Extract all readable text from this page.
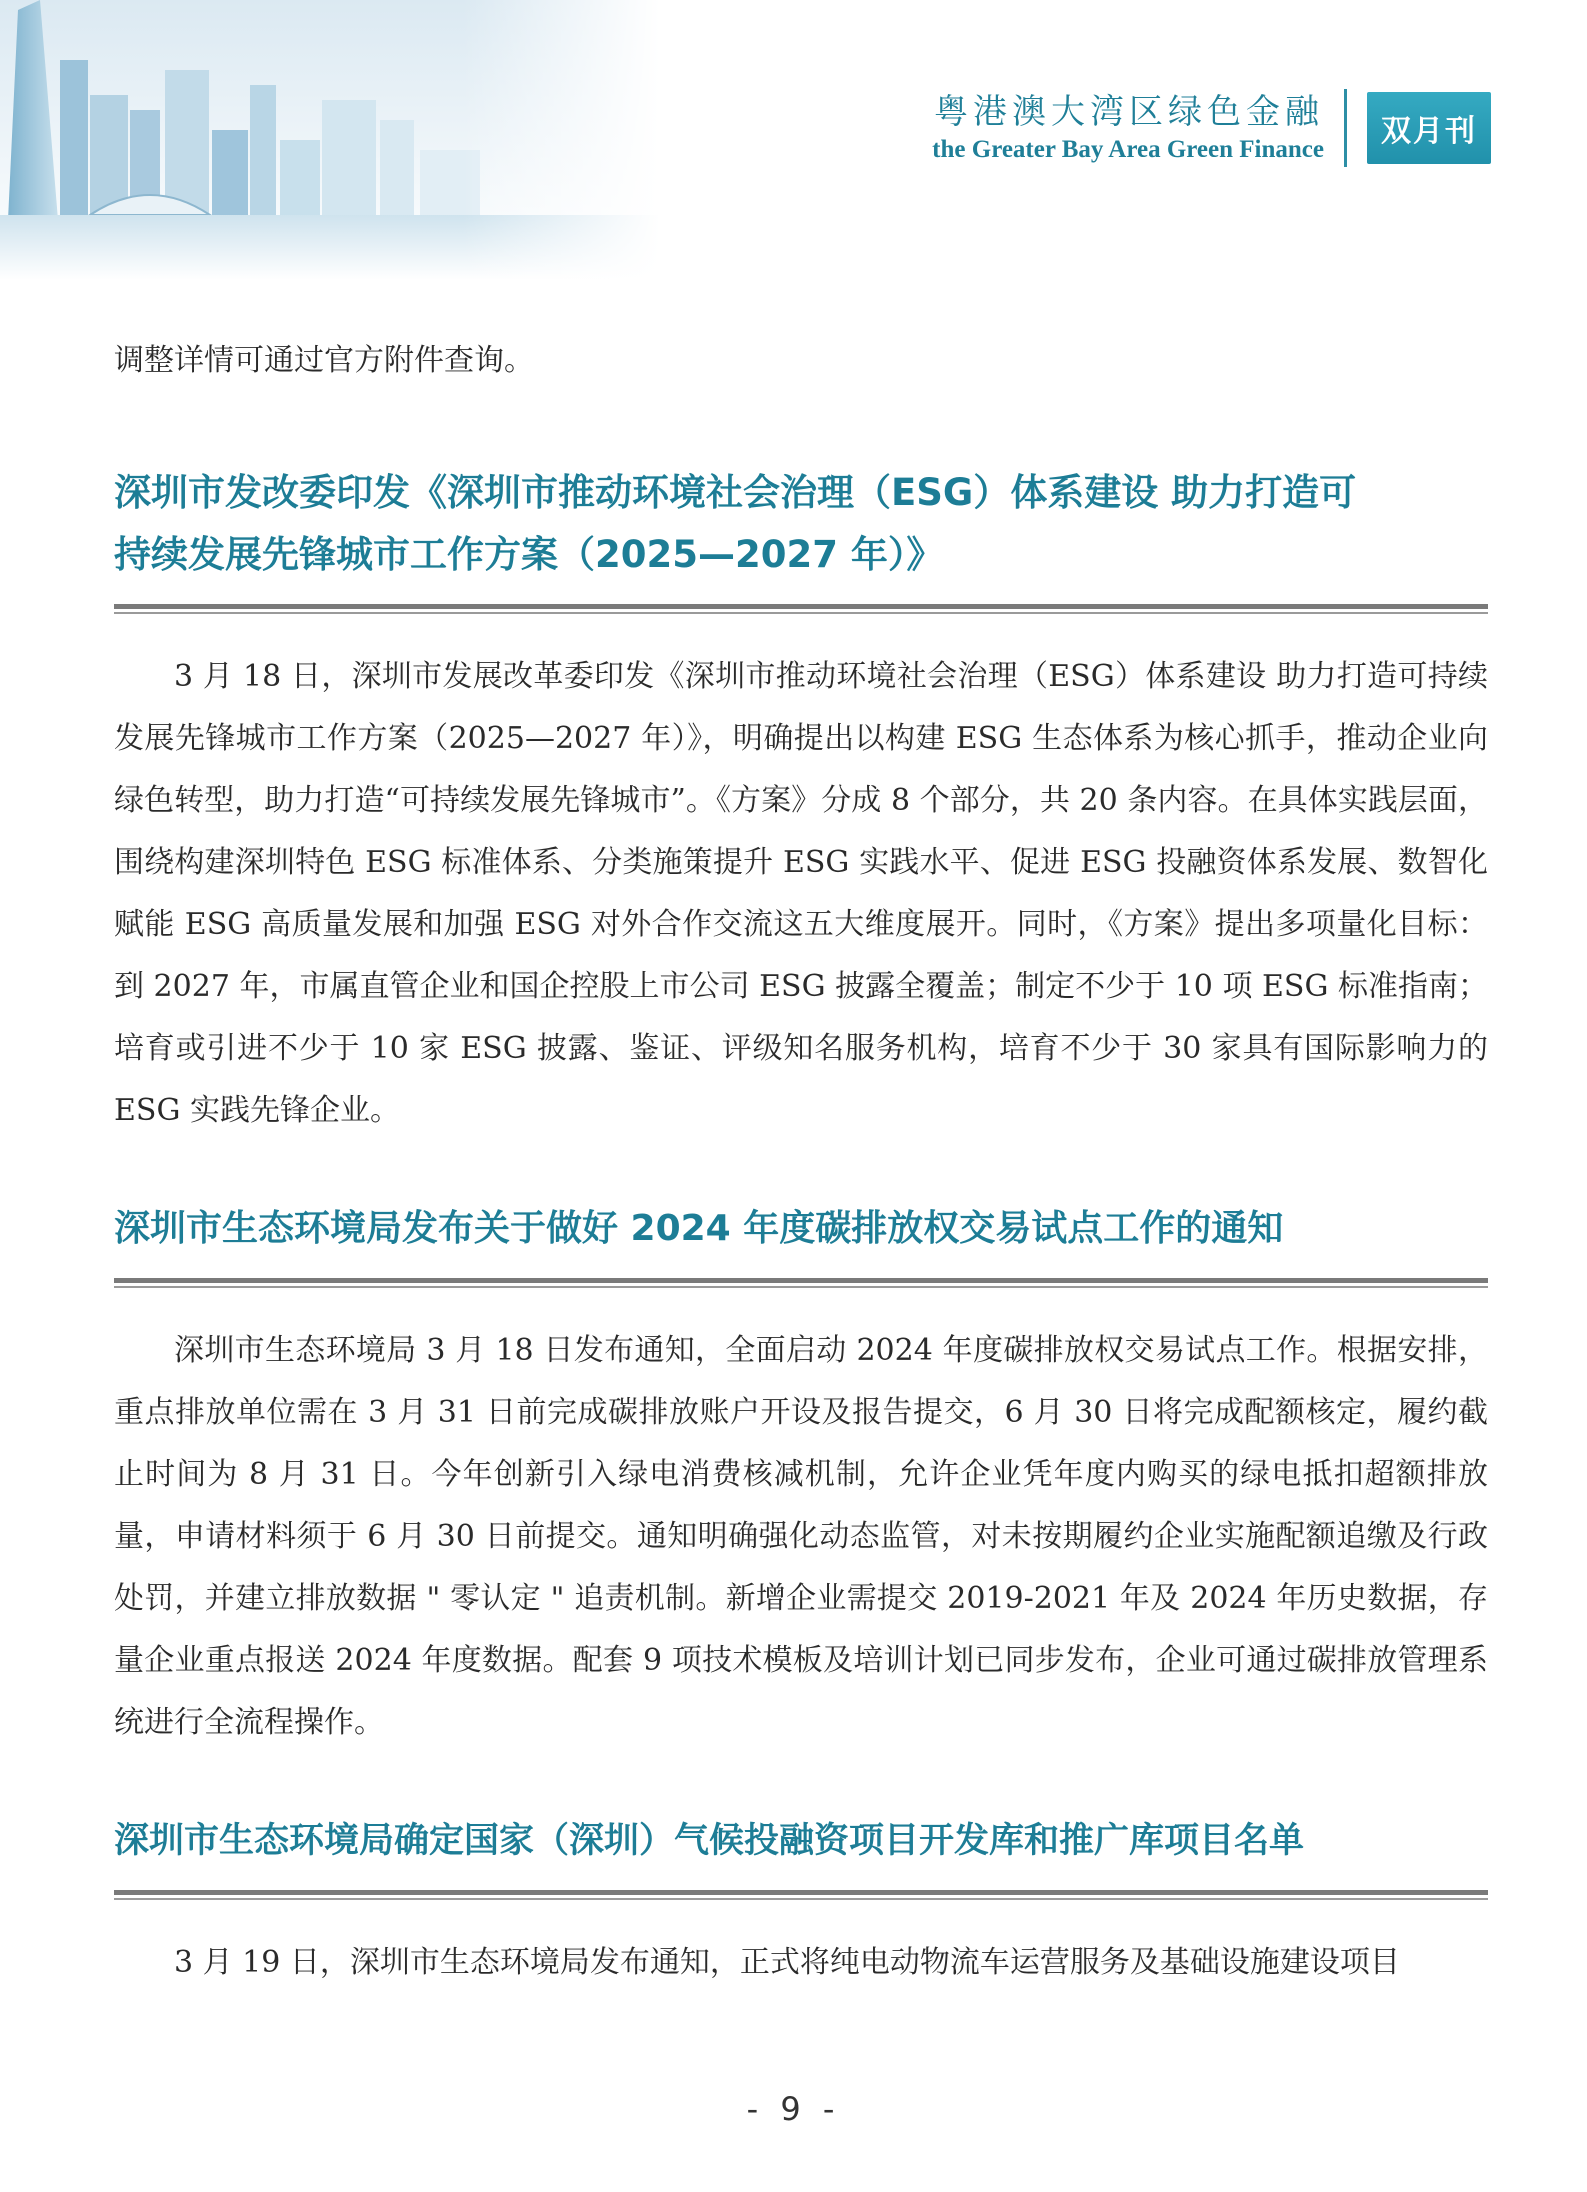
粤港澳大湾区绿色金融
the Greater Bay Area Green Finance
双月刊

调整详情可通过官方附件查询。

深圳市发改委印发《深圳市推动环境社会治理（ESG）体系建设 助力打造可
持续发展先锋城市工作方案（2025—2027 年）》

3 月 18 日，深圳市发展改革委印发《深圳市推动环境社会治理（ESG）体系建设 助力打造可持续发展先锋城市工作方案（2025—2027 年）》，明确提出以构建 ESG 生态体系为核心抓手，推动企业向绿色转型，助力打造“可持续发展先锋城市”。《方案》分成 8 个部分，共 20 条内容。在具体实践层面，围绕构建深圳特色 ESG 标准体系、分类施策提升 ESG 实践水平、促进 ESG 投融资体系发展、数智化赋能 ESG 高质量发展和加强 ESG 对外合作交流这五大维度展开。同时，《方案》提出多项量化目标：到 2027 年，市属直管企业和国企控股上市公司 ESG 披露全覆盖；制定不少于 10 项 ESG 标准指南；培育或引进不少于 10 家 ESG 披露、鉴证、评级知名服务机构，培育不少于 30 家具有国际影响力的 ESG 实践先锋企业。

深圳市生态环境局发布关于做好 2024 年度碳排放权交易试点工作的通知

深圳市生态环境局 3 月 18 日发布通知，全面启动 2024 年度碳排放权交易试点工作。根据安排，重点排放单位需在 3 月 31 日前完成碳排放账户开设及报告提交，6 月 30 日将完成配额核定，履约截止时间为 8 月 31 日。今年创新引入绿电消费核减机制，允许企业凭年度内购买的绿电抵扣超额排放量，申请材料须于 6 月 30 日前提交。通知明确强化动态监管，对未按期履约企业实施配额追缴及行政处罚，并建立排放数据 " 零认定 " 追责机制。新增企业需提交 2019-2021 年及 2024 年历史数据，存量企业重点报送 2024 年度数据。配套 9 项技术模板及培训计划已同步发布，企业可通过碳排放管理系统进行全流程操作。

深圳市生态环境局确定国家（深圳）气候投融资项目开发库和推广库项目名单

3 月 19 日，深圳市生态环境局发布通知，正式将纯电动物流车运营服务及基础设施建设项目

- 9 -
